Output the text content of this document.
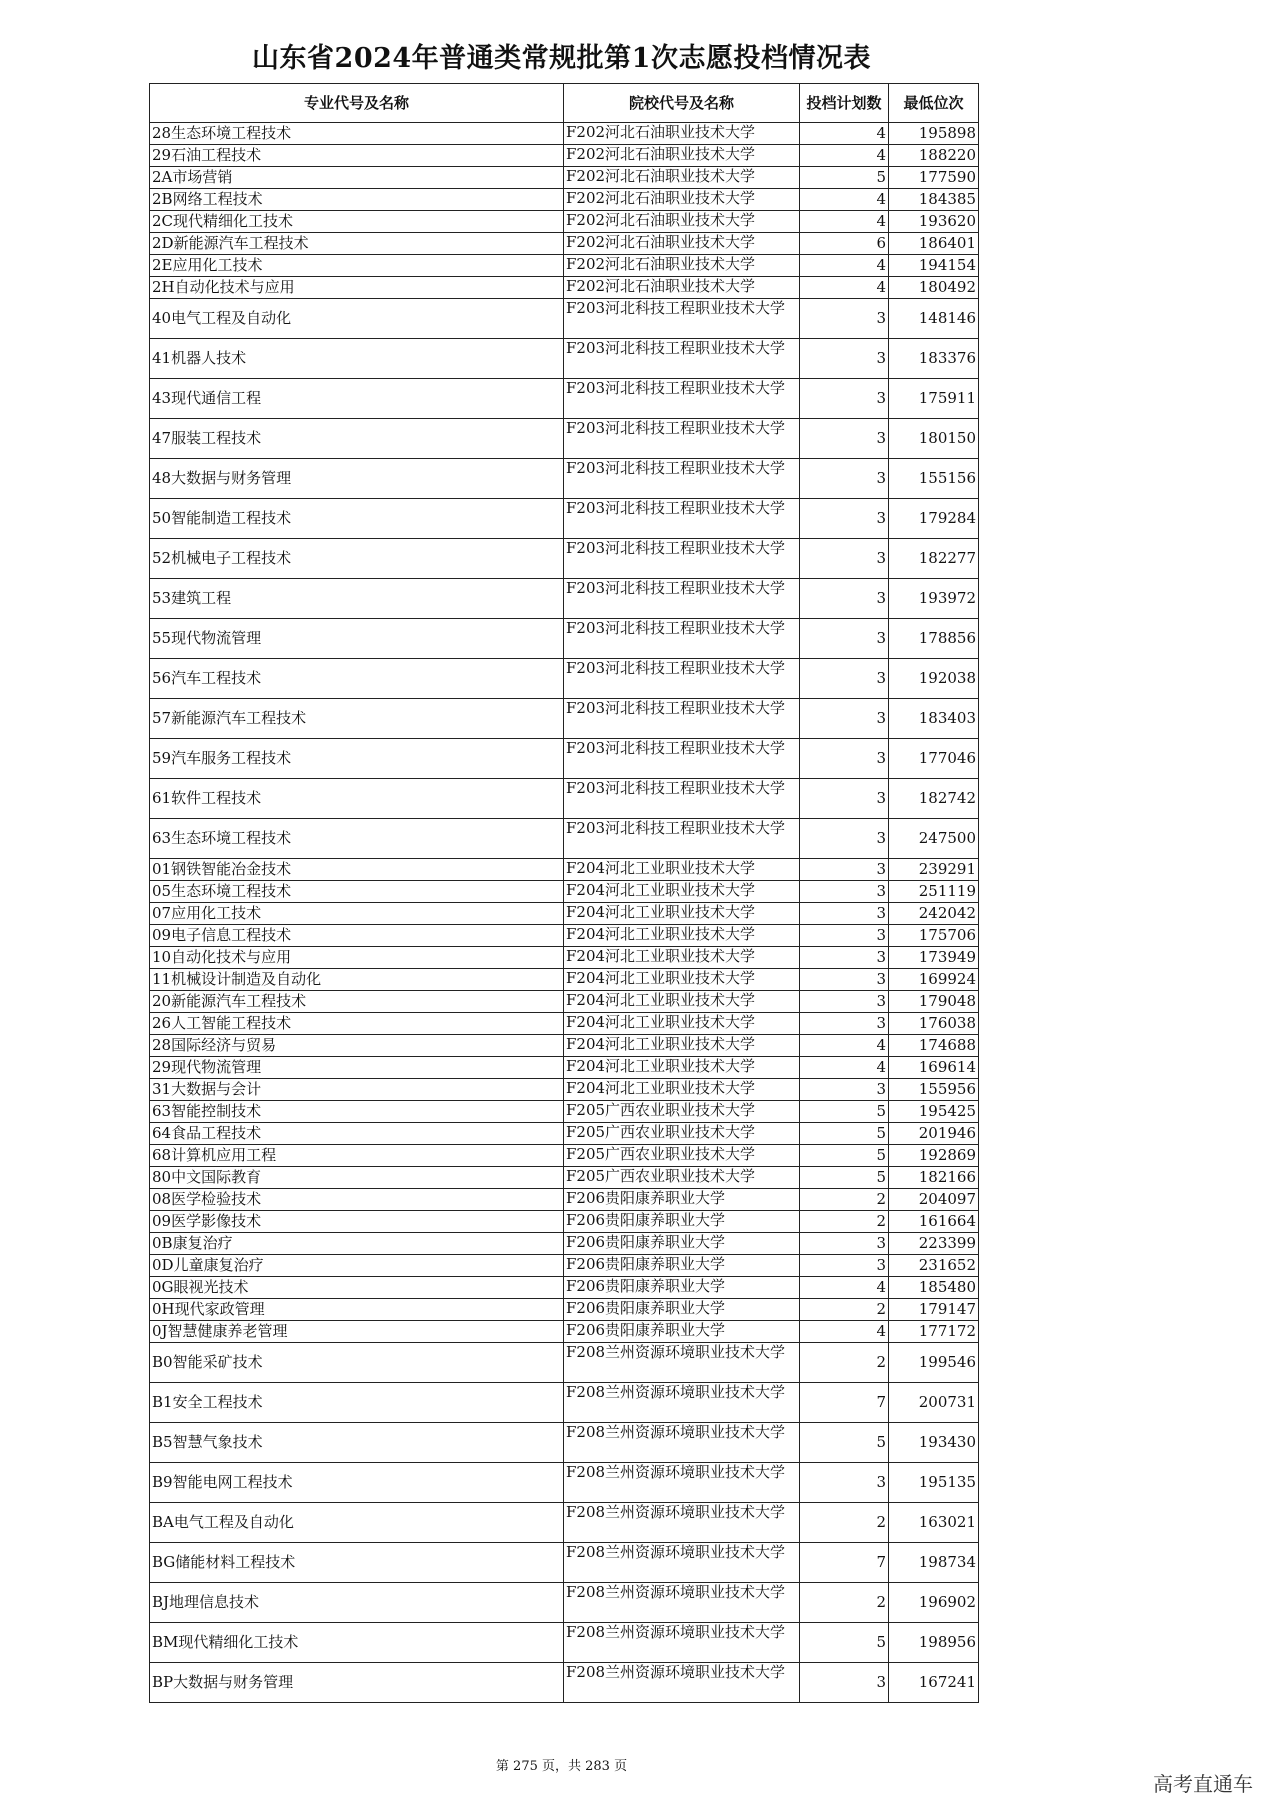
山东省2024年普通类常规批第1次志愿投档情况表
专业代号及名称	院校代号及名称	投档计划数	最低位次
28生态环境工程技术	F202河北石油职业技术大学	4	195898
29石油工程技术	F202河北石油职业技术大学	4	188220
2A市场营销	F202河北石油职业技术大学	5	177590
2B网络工程技术	F202河北石油职业技术大学	4	184385
2C现代精细化工技术	F202河北石油职业技术大学	4	193620
2D新能源汽车工程技术	F202河北石油职业技术大学	6	186401
2E应用化工技术	F202河北石油职业技术大学	4	194154
2H自动化技术与应用	F202河北石油职业技术大学	4	180492
40电气工程及自动化	F203河北科技工程职业技术大学	3	148146
41机器人技术	F203河北科技工程职业技术大学	3	183376
43现代通信工程	F203河北科技工程职业技术大学	3	175911
47服装工程技术	F203河北科技工程职业技术大学	3	180150
48大数据与财务管理	F203河北科技工程职业技术大学	3	155156
50智能制造工程技术	F203河北科技工程职业技术大学	3	179284
52机械电子工程技术	F203河北科技工程职业技术大学	3	182277
53建筑工程	F203河北科技工程职业技术大学	3	193972
55现代物流管理	F203河北科技工程职业技术大学	3	178856
56汽车工程技术	F203河北科技工程职业技术大学	3	192038
57新能源汽车工程技术	F203河北科技工程职业技术大学	3	183403
59汽车服务工程技术	F203河北科技工程职业技术大学	3	177046
61软件工程技术	F203河北科技工程职业技术大学	3	182742
63生态环境工程技术	F203河北科技工程职业技术大学	3	247500
01钢铁智能冶金技术	F204河北工业职业技术大学	3	239291
05生态环境工程技术	F204河北工业职业技术大学	3	251119
07应用化工技术	F204河北工业职业技术大学	3	242042
09电子信息工程技术	F204河北工业职业技术大学	3	175706
10自动化技术与应用	F204河北工业职业技术大学	3	173949
11机械设计制造及自动化	F204河北工业职业技术大学	3	169924
20新能源汽车工程技术	F204河北工业职业技术大学	3	179048
26人工智能工程技术	F204河北工业职业技术大学	3	176038
28国际经济与贸易	F204河北工业职业技术大学	4	174688
29现代物流管理	F204河北工业职业技术大学	4	169614
31大数据与会计	F204河北工业职业技术大学	3	155956
63智能控制技术	F205广西农业职业技术大学	5	195425
64食品工程技术	F205广西农业职业技术大学	5	201946
68计算机应用工程	F205广西农业职业技术大学	5	192869
80中文国际教育	F205广西农业职业技术大学	5	182166
08医学检验技术	F206贵阳康养职业大学	2	204097
09医学影像技术	F206贵阳康养职业大学	2	161664
0B康复治疗	F206贵阳康养职业大学	3	223399
0D儿童康复治疗	F206贵阳康养职业大学	3	231652
0G眼视光技术	F206贵阳康养职业大学	4	185480
0H现代家政管理	F206贵阳康养职业大学	2	179147
0J智慧健康养老管理	F206贵阳康养职业大学	4	177172
B0智能采矿技术	F208兰州资源环境职业技术大学	2	199546
B1安全工程技术	F208兰州资源环境职业技术大学	7	200731
B5智慧气象技术	F208兰州资源环境职业技术大学	5	193430
B9智能电网工程技术	F208兰州资源环境职业技术大学	3	195135
BA电气工程及自动化	F208兰州资源环境职业技术大学	2	163021
BG储能材料工程技术	F208兰州资源环境职业技术大学	7	198734
BJ地理信息技术	F208兰州资源环境职业技术大学	2	196902
BM现代精细化工技术	F208兰州资源环境职业技术大学	5	198956
BP大数据与财务管理	F208兰州资源环境职业技术大学	3	167241
第 275 页，共 283 页
高考直通车
